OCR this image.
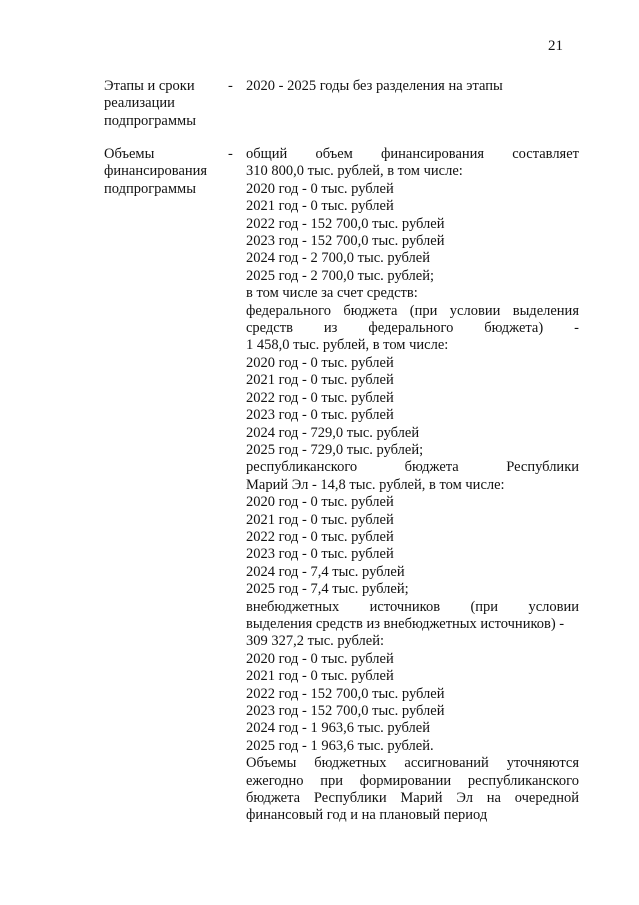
21
Этапы и сроки
реализации
подпрограммы
- 2020 - 2025 годы без разделения на этапы
Объемы
финансирования
подпрограммы
- общий объем финансирования составляет
310 800,0 тыс. рублей, в том числе:
2020 год - 0 тыс. рублей
2021 год - 0 тыс. рублей
2022 год - 152 700,0 тыс. рублей
2023 год - 152 700,0 тыс. рублей
2024 год - 2 700,0 тыс. рублей
2025 год - 2 700,0 тыс. рублей;
в том числе за счет средств:
федерального бюджета (при условии выделения
средств из федерального бюджета) -
1 458,0 тыс. рублей, в том числе:
2020 год - 0 тыс. рублей
2021 год - 0 тыс. рублей
2022 год - 0 тыс. рублей
2023 год - 0 тыс. рублей
2024 год - 729,0 тыс. рублей
2025 год - 729,0 тыс. рублей;
республиканского бюджета Республики
Марий Эл - 14,8 тыс. рублей, в том числе:
2020 год - 0 тыс. рублей
2021 год - 0 тыс. рублей
2022 год - 0 тыс. рублей
2023 год - 0 тыс. рублей
2024 год - 7,4 тыс. рублей
2025 год - 7,4 тыс. рублей;
внебюджетных источников (при условии
выделения средств из внебюджетных источников) -
309 327,2 тыс. рублей:
2020 год - 0 тыс. рублей
2021 год - 0 тыс. рублей
2022 год - 152 700,0 тыс. рублей
2023 год - 152 700,0 тыс. рублей
2024 год - 1 963,6 тыс. рублей
2025 год - 1 963,6 тыс. рублей.
Объемы бюджетных ассигнований уточняются ежегодно при формировании республиканского бюджета Республики Марий Эл на очередной финансовый год и на плановый период
